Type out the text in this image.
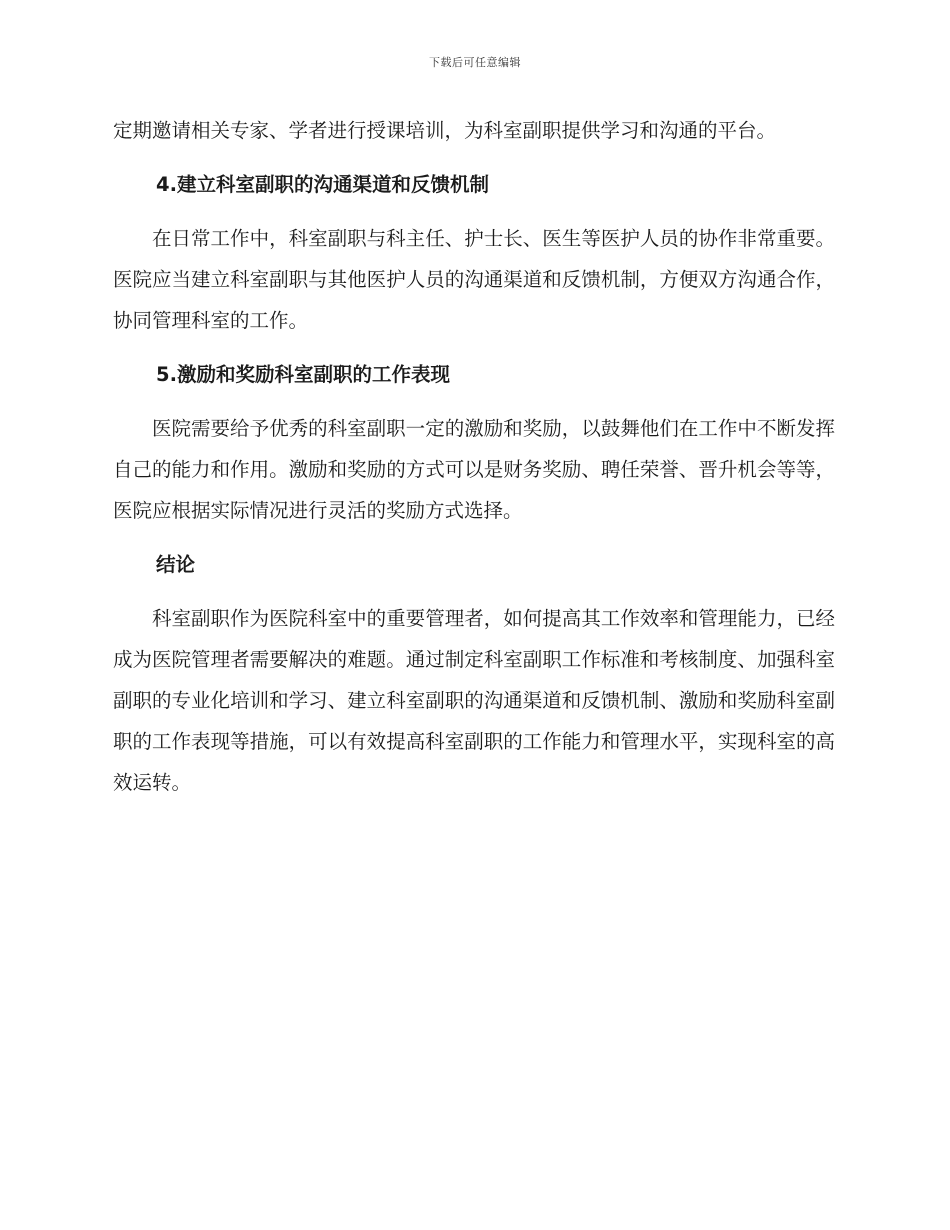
下载后可任意编辑

定期邀请相关专家、学者进行授课培训，为科室副职提供学习和沟通的平台。

4.建立科室副职的沟通渠道和反馈机制

在日常工作中，科室副职与科主任、护士长、医生等医护人员的协作非常重要。医院应当建立科室副职与其他医护人员的沟通渠道和反馈机制，方便双方沟通合作，协同管理科室的工作。

5.激励和奖励科室副职的工作表现

医院需要给予优秀的科室副职一定的激励和奖励，以鼓舞他们在工作中不断发挥自己的能力和作用。激励和奖励的方式可以是财务奖励、聘任荣誉、晋升机会等等，医院应根据实际情况进行灵活的奖励方式选择。

结论

科室副职作为医院科室中的重要管理者，如何提高其工作效率和管理能力，已经成为医院管理者需要解决的难题。通过制定科室副职工作标准和考核制度、加强科室副职的专业化培训和学习、建立科室副职的沟通渠道和反馈机制、激励和奖励科室副职的工作表现等措施，可以有效提高科室副职的工作能力和管理水平，实现科室的高效运转。
